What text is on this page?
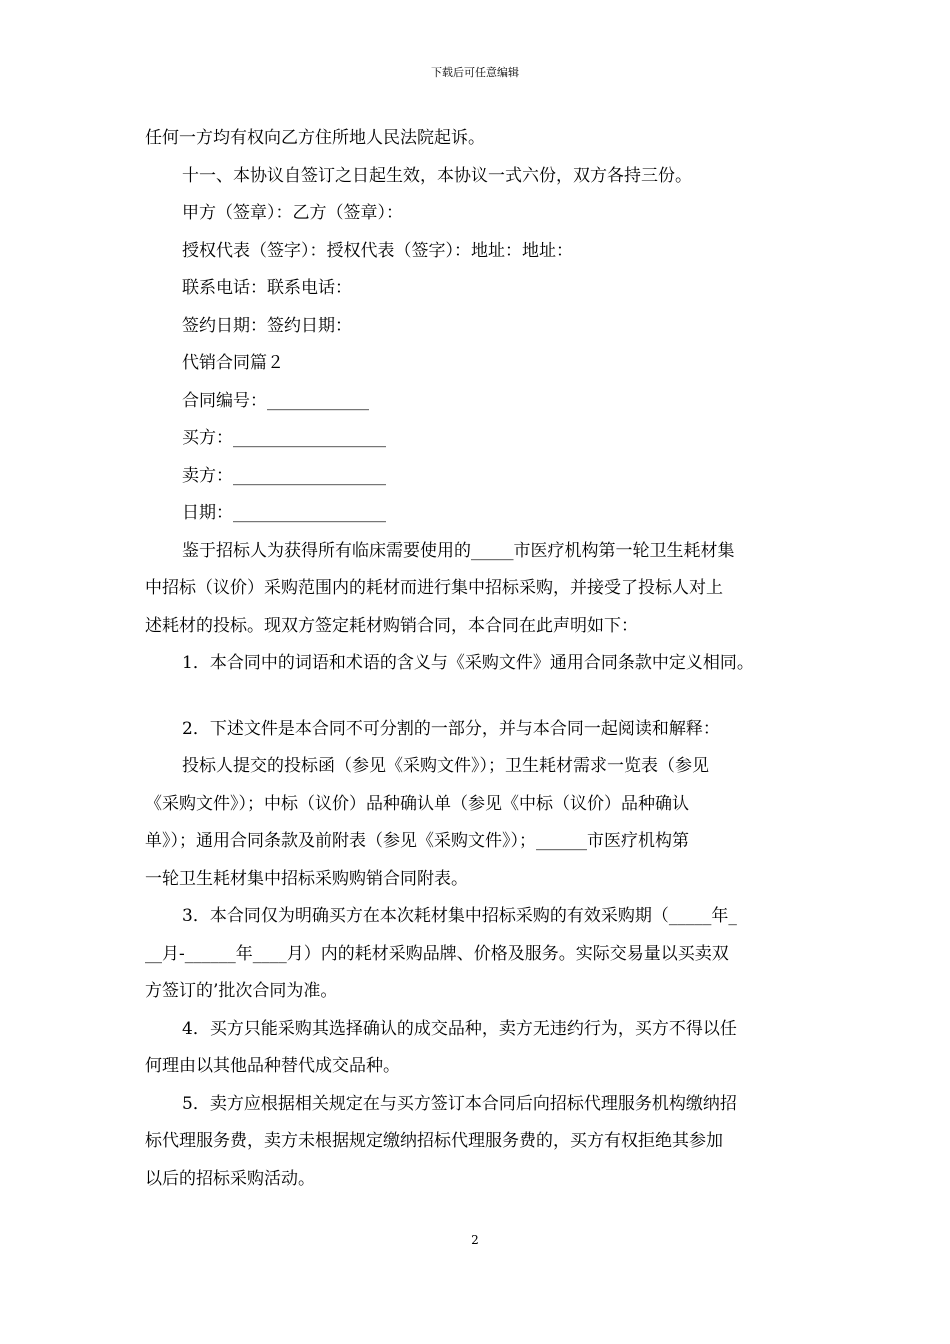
下载后可任意编辑
任何一方均有权向乙方住所地人民法院起诉。
十一、本协议自签订之日起生效，本协议一式六份，双方各持三份。
甲方（签章）：乙方（签章）：
授权代表（签字）：授权代表（签字）：地址：地址：
联系电话：联系电话：
签约日期：签约日期：
代销合同篇２
合同编号：____________
买方：__________________
卖方：__________________
日期：__________________
鉴于招标人为获得所有临床需要使用的_____市医疗机构第一轮卫生耗材集
中招标（议价）采购范围内的耗材而进行集中招标采购，并接受了投标人对上
述耗材的投标。现双方签定耗材购销合同，本合同在此声明如下：
1．本合同中的词语和术语的含义与《采购文件》通用合同条款中定义相同。
2．下述文件是本合同不可分割的一部分，并与本合同一起阅读和解释：
投标人提交的投标函（参见《采购文件》）；卫生耗材需求一览表（参见
《采购文件》）；中标（议价）品种确认单（参见《中标（议价）品种确认
单》）；通用合同条款及前附表（参见《采购文件》）；______市医疗机构第
一轮卫生耗材集中招标采购购销合同附表。
3．本合同仅为明确买方在本次耗材集中招标采购的有效采购期（_____年_
__月-______年____月）内的耗材采购品牌、价格及服务。实际交易量以买卖双
方签订的’批次合同为准。
4．买方只能采购其选择确认的成交品种，卖方无违约行为，买方不得以任
何理由以其他品种替代成交品种。
5．卖方应根据相关规定在与买方签订本合同后向招标代理服务机构缴纳招
标代理服务费，卖方未根据规定缴纳招标代理服务费的，买方有权拒绝其参加
以后的招标采购活动。
2
